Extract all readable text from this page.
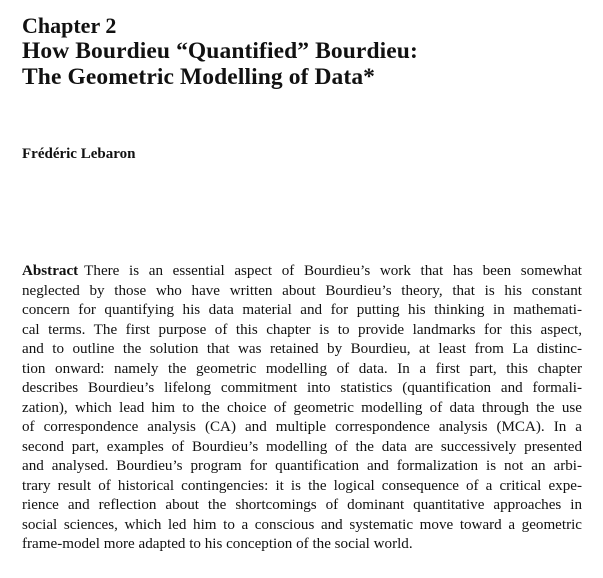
Chapter 2

How Bourdieu “Quantified” Bourdieu:

The Geometric Modelling of Data*

Frédéric Lebaron

Abstract There is an essential aspect of Bourdieu’s work that has been somewhat
neglected by those who have written about Bourdieu’s theory, that is his constant
concern for quantifying his data material and for putting his thinking in mathemati-
cal terms. The first purpose of this chapter is to provide landmarks for this aspect,
and to outline the solution that was retained by Bourdieu, at least from La distinc-
tion onward: namely the geometric modelling of data. In a first part, this chapter
describes Bourdieu’s lifelong commitment into statistics (quantification and formali-
zation), which lead him to the choice of geometric modelling of data through the use
of correspondence analysis (CA) and multiple correspondence analysis (MCA). In a
second part, examples of Bourdieu’s modelling of the data are successively presented
and analysed. Bourdieu’s program for quantification and formalization is not an arbi-
trary result of historical contingencies: it is the logical consequence of a critical expe-
rience and reflection about the shortcomings of dominant quantitative approaches in
social sciences, which led him to a conscious and systematic move toward a geometric
frame-model more adapted to his conception of the social world.
